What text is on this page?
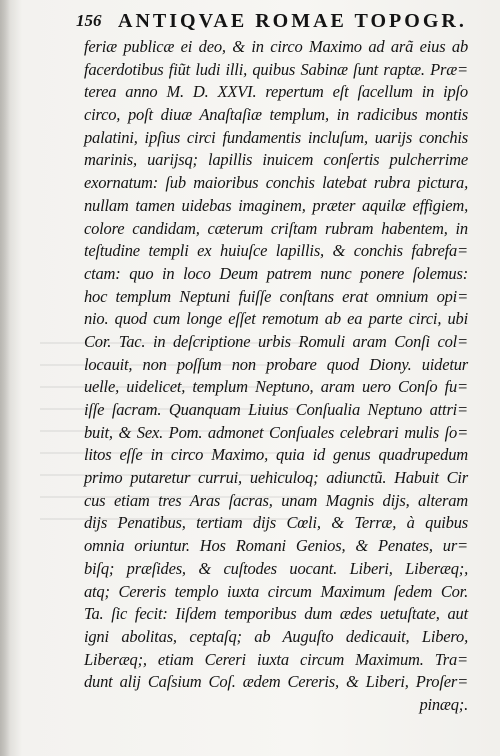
156 ANTIQVAE ROMAE TOPOGR.
feriæ publicæ ei deo, & in circo Maximo ad arã eius ab
facerdotibus fiũt ludi illi, quibus Sabinæ ſunt raptæ. Præ=
terea anno M. D. XXVI. repertum eſt ſacellum in ipſo
circo, poſt diuæ Anaſtaſiæ templum, in radicibus montis
palatini, ipſius circi fundamentis incluſum, uarijs conchis
marinis, uarijsq; lapillis inuicem conſertis pulcherrime
exornatum: ſub maioribus conchis latebat rubra pictura,
nullam tamen uidebas imaginem, præter aquilæ effigiem,
colore candidam, cæterum criſtam rubram habentem, in
teſtudine templi ex huiuſce lapillis, & conchis fabrefa=
ctam: quo in loco Deum patrem nunc ponere ſolemus:
hoc templum Neptuni fuiſſe conſtans erat omnium opi=
nio. quod cum longe eſſet remotum ab ea parte circi, ubi
Cor. Tac. in deſcriptione urbis Romuli aram Conſi col=
locauit, non poſſum non probare quod Diony. uidetur
uelle, uidelicet, templum Neptuno, aram uero Conſo fu=
iſſe ſacram. Quanquam Liuius Conſualia Neptuno attri=
buit, & Sex. Pom. admonet Conſuales celebrari mulis ſo=
litos eſſe in circo Maximo, quia id genus quadrupedum
primo putaretur currui, uehiculoq; adiunctũ. Habuit Cir
cus etiam tres Aras ſacras, unam Magnis dijs, alteram
dijs Penatibus, tertiam dijs Cœli, & Terræ, à quibus
omnia oriuntur. Hos Romani Genios, & Penates, ur=
biſq; præſides, & cuſtodes uocant. Liberi, Liberæq;,
atq; Cereris templo iuxta circum Maximum ſedem Cor.
Ta. ſic fecit: Iiſdem temporibus dum ædes uetuſtate, aut
igni abolitas, ceptaſq; ab Auguſto dedicauit, Libero,
Liberæq;, etiam Cereri iuxta circum Maximum. Tra=
dunt alij Caſsium Coſ. ædem Cereris, & Liberi, Proſer=
pinæq;.
